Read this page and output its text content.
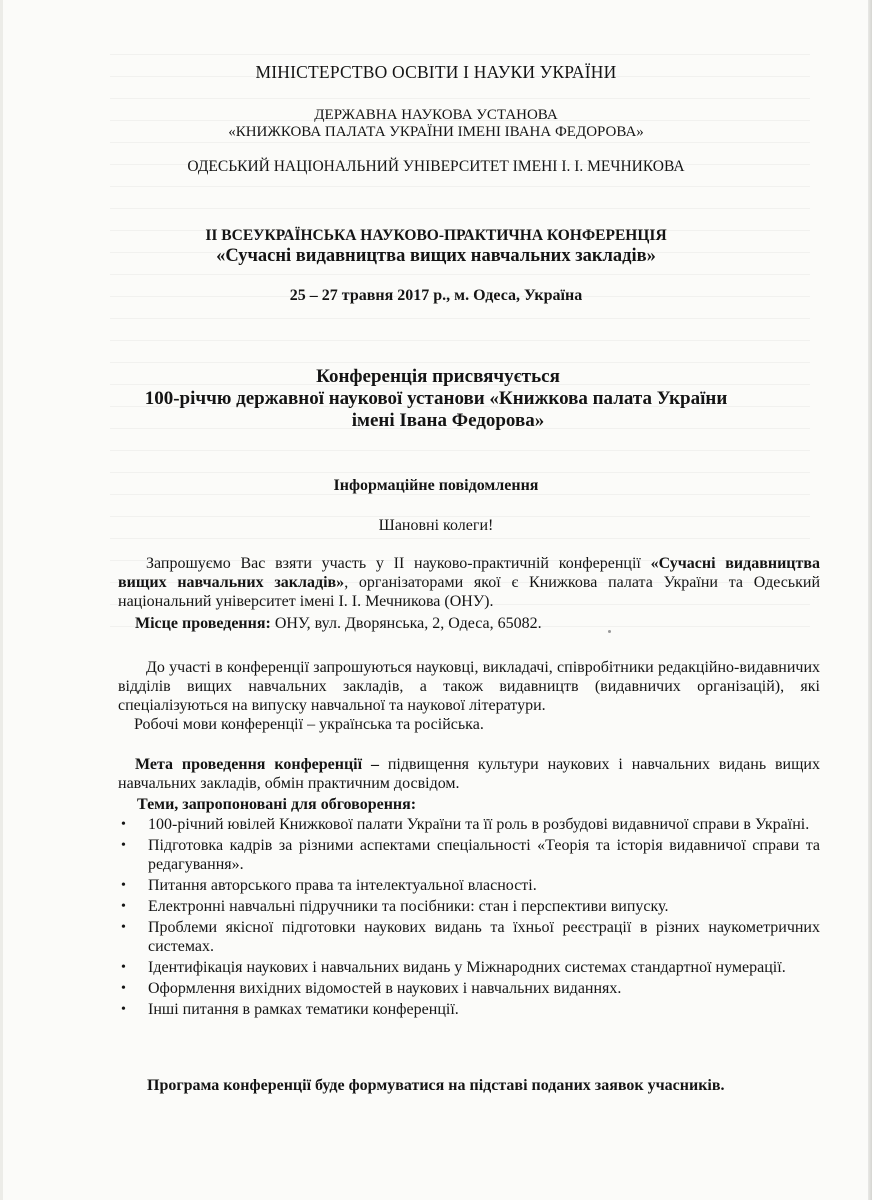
МІНІСТЕРСТВО ОСВІТИ І НАУКИ УКРАЇНИ
ДЕРЖАВНА НАУКОВА УСТАНОВА
«КНИЖКОВА ПАЛАТА УКРАЇНИ ІМЕНІ ІВАНА ФЕДОРОВА»
ОДЕСЬКИЙ НАЦІОНАЛЬНИЙ УНІВЕРСИТЕТ ІМЕНІ І. І. МЕЧНИКОВА
II ВСЕУКРАЇНСЬКА НАУКОВО-ПРАКТИЧНА КОНФЕРЕНЦІЯ
«Сучасні видавництва вищих навчальних закладів»
25 – 27 травня 2017 р., м. Одеса, Україна
Конференція присвячується
100-річчю державної наукової установи «Книжкова палата України
імені Івана Федорова»
Інформаційне повідомлення
Шановні колеги!
Запрошуємо Вас взяти участь у II науково-практичній конференції «Сучасні видавництва вищих навчальних закладів», організаторами якої є Книжкова палата України та Одеський національний університет імені І. І. Мечникова (ОНУ).
Місце проведення: ОНУ, вул. Дворянська, 2, Одеса, 65082.
До участі в конференції запрошуються науковці, викладачі, співробітники редакційно-видавничих відділів вищих навчальних закладів, а також видавництв (видавничих організацій), які спеціалізуються на випуску навчальної та наукової літератури.
Робочі мови конференції – українська та російська.
Мета проведення конференції – підвищення культури наукових і навчальних видань вищих навчальних закладів, обмін практичним досвідом.
Теми, запропоновані для обговорення:
• 100-річний ювілей Книжкової палати України та її роль в розбудові видавничої справи в Україні.
• Підготовка кадрів за різними аспектами спеціальності «Теорія та історія видавничої справи та редагування».
• Питання авторського права та інтелектуальної власності.
• Електронні навчальні підручники та посібники: стан і перспективи випуску.
• Проблеми якісної підготовки наукових видань та їхньої реєстрації в різних наукометричних системах.
• Ідентифікація наукових і навчальних видань у Міжнародних системах стандартної нумерації.
• Оформлення вихідних відомостей в наукових і навчальних виданнях.
• Інші питання в рамках тематики конференції.
Програма конференції буде формуватися на підставі поданих заявок учасників.
